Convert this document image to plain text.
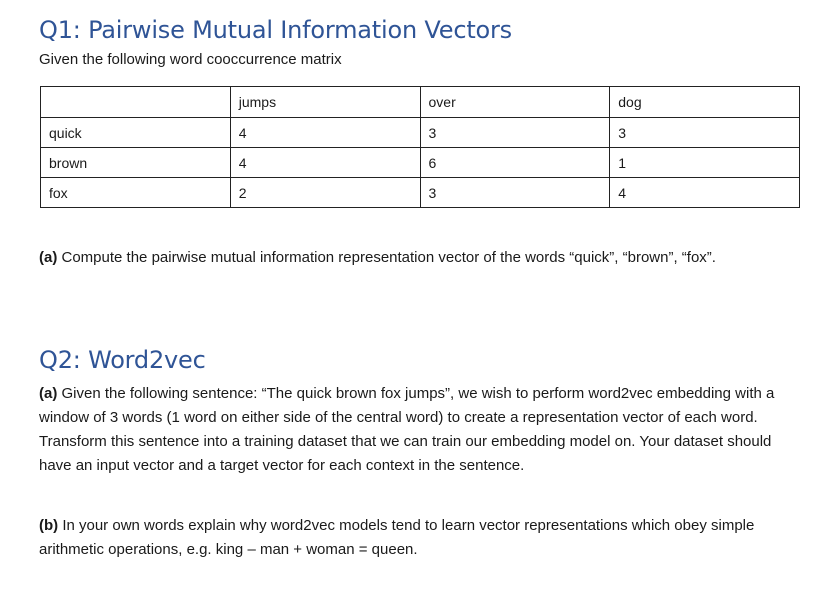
Q1: Pairwise Mutual Information Vectors

Given the following word cooccurrence matrix

	jumps	over	dog
quick	4	3	3
brown	4	6	1
fox	2	3	4

(a) Compute the pairwise mutual information representation vector of the words “quick”, “brown”, “fox”.

Q2: Word2vec

(a) Given the following sentence: “The quick brown fox jumps”, we wish to perform word2vec embedding with a window of 3 words (1 word on either side of the central word) to create a representation vector of each word. Transform this sentence into a training dataset that we can train our embedding model on. Your dataset should have an input vector and a target vector for each context in the sentence.

(b) In your own words explain why word2vec models tend to learn vector representations which obey simple arithmetic operations, e.g. king – man + woman = queen.
